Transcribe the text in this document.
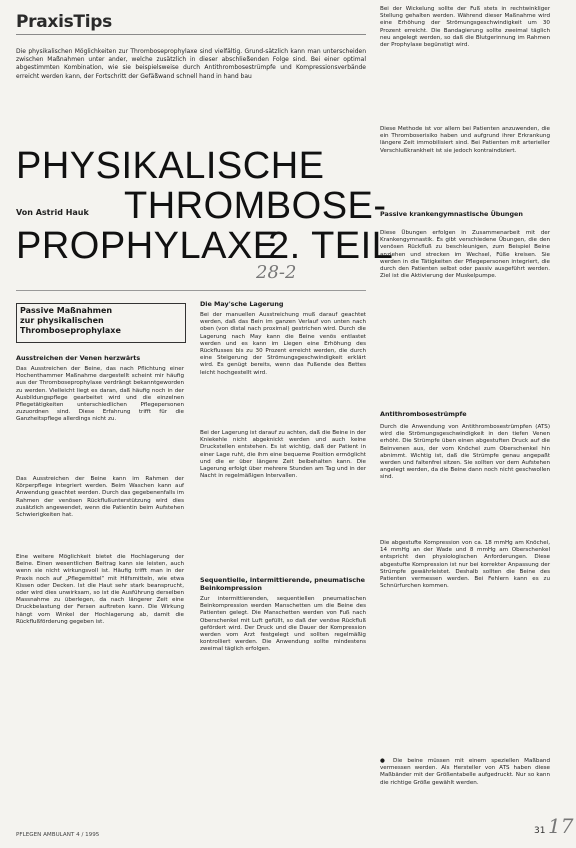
PraxisTips
Die physikalischen Möglichkeiten zur Thromboseprophylaxe sind vielfältig. Grund-sätzlich kann man unterscheiden zwischen Maßnahmen unter ander, welche zusätzlich in dieser abschließenden Folge sind. Bei einer optimal abgestimmten Kombination, wie sie beispielsweise durch Antithrombosestrümpfe und Kompressionsverbände erreicht werden kann, der Fortschritt der Gefäßwand schnell hand in hand bau
PHYSIKALISCHE
THROMBOSE-
PROPHYLAXE
2. TEIL
Von Astrid Hauk
28-2
Passive Maßnahmen
zur physikalischen
Thromboseprophylaxe
Ausstreichen der Venen herzwärts
Das Ausstreichen der Beine, das nach Pflichtung einer Hochenthammer Maßnahme dargestellt scheint mir häufig aus der Thromboseprophylaxe verdrängt bekanntgeworden zu werden. Vielleicht liegt es daran, daß häufig noch in der Ausbildungspflege gearbeitet wird und die einzelnen Pflegetätigkeiten unterschiedlichen Pflegepersonen zuzuordnen sind. Diese Erfahrung trifft für die Ganzheitspflege allerdings nicht zu.
Das Ausstreichen der Beine kann im Rahmen der Körperpflege integriert werden. Beim Waschen kann auf Anwendung geachtet werden. Durch das gegebenenfalls im Rahmen der venösen Rückflußunterstützung wird dies zusätzlich angewendet, wenn die Patientin beim Aufstehen Schwierigkeiten hat.
Eine weitere Möglichkeit bietet die Hochlagerung der Beine. Einen wesentlichen Beitrag kann sie leisten, auch wenn sie nicht wirkungsvoll ist. Häufig trifft man in der Praxis noch auf „Pflegemittel“ mit Hilfsmitteln, wie etwa Kissen oder Decken. Ist die Haut sehr stark beansprucht, oder wird dies unwirksam, so ist die Ausführung derselben Massnahme zu überlegen, da nach längerer Zeit eine Druckbelastung der Fersen auftreten kann. Die Wirkung hängt vom Winkel der Hochlagerung ab, damit die Rückflußförderung gegeben ist.
Die May'sche Lagerung
Bei der manuellen Ausstreichung muß darauf geachtet werden, daß das Bein im ganzen Verlauf von unten nach oben (von distal nach proximal) gestrichen wird. Durch die Lagerung nach May kann die Beine venös entlastet werden und es kann im Liegen eine Erhöhung des Rückflusses bis zu 30 Prozent erreicht werden, die durch eine Steigerung der Strömungsgeschwindigkeit erklärt wird. Es genügt bereits, wenn das Fußende des Bettes leicht hochgestellt wird.
Bei der Lagerung ist darauf zu achten, daß die Beine in der Kniekehle nicht abgeknickt werden und auch keine Druckstellen entstehen. Es ist wichtig, daß der Patient in einer Lage ruht, die ihm eine bequeme Position ermöglicht und die er über längere Zeit beibehalten kann. Die Lagerung erfolgt über mehrere Stunden am Tag und in der Nacht in regelmäßigen Intervallen.
Sequentielle, intermittierende, pneumatische Beinkompression
Zur intermittierenden, sequentiellen pneumatischen Beinkompression werden Manschetten um die Beine des Patienten gelegt. Die Manschetten werden von Fuß nach Oberschenkel mit Luft gefüllt, so daß der venöse Rückfluß gefördert wird. Der Druck und die Dauer der Kompression werden vom Arzt festgelegt und sollten regelmäßig kontrolliert werden. Die Anwendung sollte mindestens zweimal täglich erfolgen.
Bei der Wickelung sollte der Fuß stets in rechtwinkliger Stellung gehalten werden. Während dieser Maßnahme wird eine Erhöhung der Strömungsgeschwindigkeit um 30 Prozent erreicht. Die Bandagierung sollte zweimal täglich neu angelegt werden, so daß die Blutgerinnung im Rahmen der Prophylaxe begünstigt wird.
Diese Methode ist vor allem bei Patienten anzuwenden, die ein Thromboserisiko haben und aufgrund ihrer Erkrankung längere Zeit immobilisiert sind. Bei Patienten mit arterieller Verschlußkrankheit ist sie jedoch kontraindiziert.
Passive krankengymnastische Übungen
Diese Übungen erfolgen in Zusammenarbeit mit der Krankengymnastik. Es gibt verschiedene Übungen, die den venösen Rückfluß zu beschleunigen, zum Beispiel Beine anziehen und strecken im Wechsel, Füße kreisen. Sie werden in die Tätigkeiten der Pflegepersonen integriert, die durch den Patienten selbst oder passiv ausgeführt werden. Ziel ist die Aktivierung der Muskelpumpe.
Antithrombosestrümpfe
Durch die Anwendung von Antithrombosestrümpfen (ATS) wird die Strömungsgeschwindigkeit in den tiefen Venen erhöht. Die Strümpfe üben einen abgestuften Druck auf die Beinvenen aus, der vom Knöchel zum Oberschenkel hin abnimmt. Wichtig ist, daß die Strümpfe genau angepaßt werden und faltenfrei sitzen. Sie sollten vor dem Aufstehen angelegt werden, da die Beine dann noch nicht geschwollen sind.
Die abgestufte Kompression von ca. 18 mmHg am Knöchel, 14 mmHg an der Wade und 8 mmHg am Oberschenkel entspricht den physiologischen Anforderungen. Diese abgestufte Kompression ist nur bei korrekter Anpassung der Strümpfe gewährleistet. Deshalb sollten die Beine des Patienten vermessen werden. Bei Fehlern kann es zu Schnürfurchen kommen.
● Die beine müssen mit einem speziellen Maßband vermessen werden. Als Hersteller von ATS haben diese Maßbänder mit der Größentabelle aufgedruckt. Nur so kann die richtige Größe gewählt werden.
PFLEGEN AMBULANT 4 / 1995	31 17
